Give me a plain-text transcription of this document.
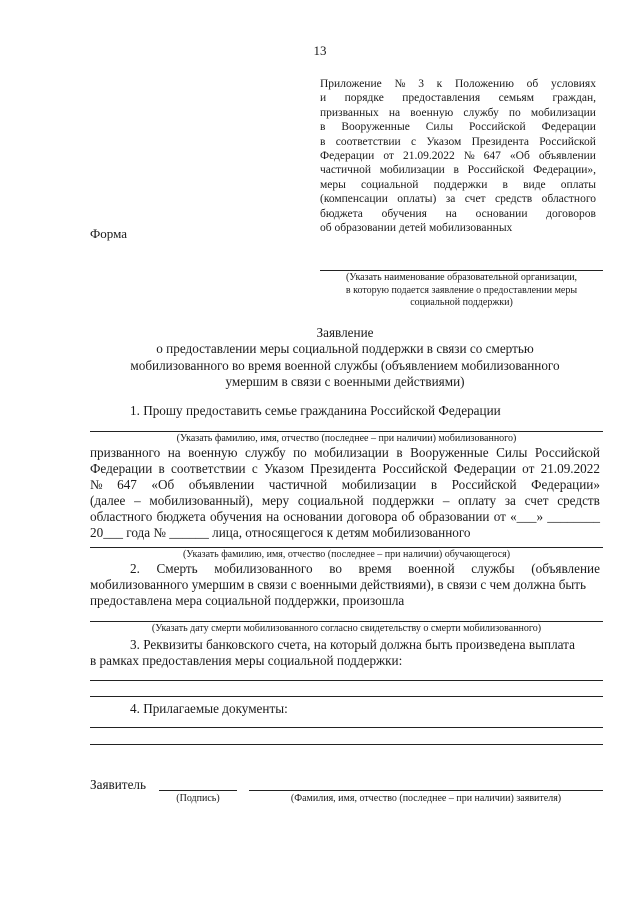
13
Приложение № 3 к Положению об условиях
и порядке предоставления семьям граждан,
призванных на военную службу по мобилизации
в Вооруженные Силы Российской Федерации
в соответствии с Указом Президента Российской
Федерации от 21.09.2022 № 647 «Об объявлении
частичной мобилизации в Российской Федерации»,
меры социальной поддержки в виде оплаты
(компенсации оплаты) за счет средств областного
бюджета обучения на основании договоров
об образовании детей мобилизованных
Форма
(Указать наименование образовательной организации,
в которую подается заявление о предоставлении меры
социальной поддержки)
Заявление
о предоставлении меры социальной поддержки в связи со смертью
мобилизованного во время военной службы (объявлением мобилизованного
умершим в связи с военными действиями)
1. Прошу предоставить семье гражданина Российской Федерации
(Указать фамилию, имя, отчество (последнее – при наличии) мобилизованного)
призванного на военную службу по мобилизации в Вооруженные Силы Российской
Федерации в соответствии с Указом Президента Российской Федерации от 21.09.2022
№ 647 «Об объявлении частичной мобилизации в Российской Федерации»
(далее – мобилизованный), меру социальной поддержки – оплату за счет средств
областного бюджета обучения на основании договора об образовании от «___» ________
20___ года № ______ лица, относящегося к детям мобилизованного
(Указать фамилию, имя, отчество (последнее – при наличии) обучающегося)
2. Смерть мобилизованного во время военной службы (объявление
мобилизованного умершим в связи с военными действиями), в связи с чем должна быть
предоставлена мера социальной поддержки, произошла
(Указать дату смерти мобилизованного согласно свидетельству о смерти мобилизованного)
3. Реквизиты банковского счета, на который должна быть произведена выплата
в рамках предоставления меры социальной поддержки:
4. Прилагаемые документы:
Заявитель
(Подпись)	(Фамилия, имя, отчество (последнее – при наличии) заявителя)
